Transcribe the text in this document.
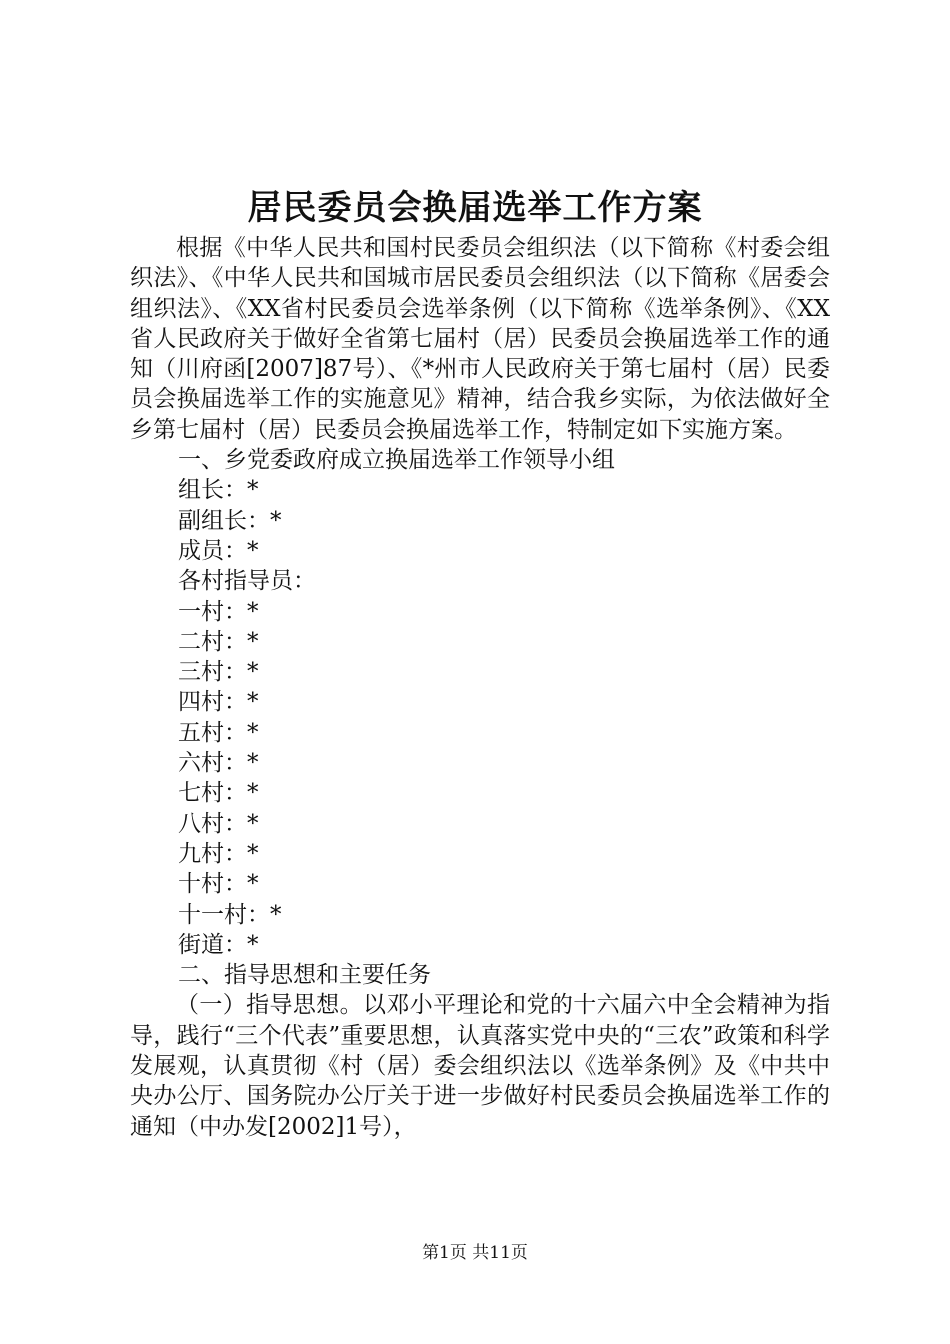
居民委员会换届选举工作方案

根据《中华人民共和国村民委员会组织法（以下简称《村委会组织法》、《中华人民共和国城市居民委员会组织法（以下简称《居委会组织法》、《XX省村民委员会选举条例（以下简称《选举条例》、《XX省人民政府关于做好全省第七届村（居）民委员会换届选举工作的通知（川府函[2007]87号）、《*州市人民政府关于第七届村（居）民委员会换届选举工作的实施意见》精神，结合我乡实际，为依法做好全乡第七届村（居）民委员会换届选举工作，特制定如下实施方案。

一、乡党委政府成立换届选举工作领导小组

组长：*

副组长：*

成员：*

各村指导员：

一村：*

二村：*

三村：*

四村：*

五村：*

六村：*

七村：*

八村：*

九村：*

十村：*

十一村：*

街道：*

二、指导思想和主要任务

（一）指导思想。以邓小平理论和党的十六届六中全会精神为指导，践行“三个代表”重要思想，认真落实党中央的“三农”政策和科学发展观，认真贯彻《村（居）委会组织法以《选举条例》及《中共中央办公厅、国务院办公厅关于进一步做好村民委员会换届选举工作的通知（中办发[2002]1号），

第1页 共11页
